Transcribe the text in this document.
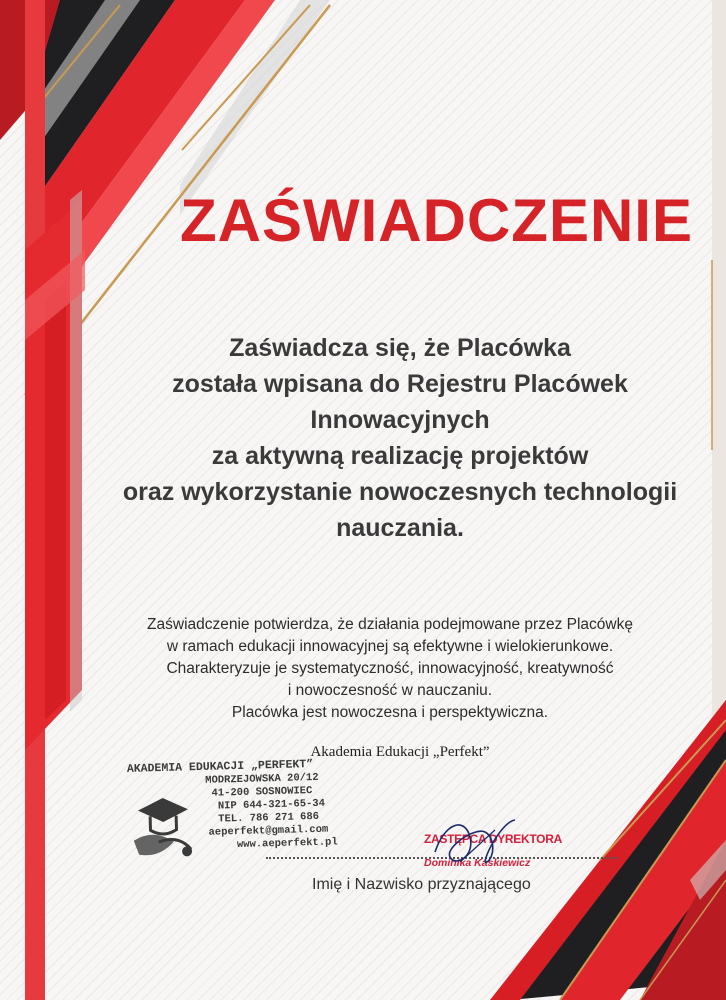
ZAŚWIADCZENIE
Zaświadcza się, że Placówka
została wpisana do Rejestru Placówek
Innowacyjnych
za aktywną realizację projektów
oraz wykorzystanie nowoczesnych technologii
nauczania.
Zaświadczenie potwierdza, że działania podejmowane przez Placówkę
w ramach edukacji innowacyjnej są efektywne i wielokierunkowe.
Charakteryzuje je systematyczność, innowacyjność, kreatywność
i nowoczesność w nauczaniu.
Placówka jest nowoczesna i perspektywiczna.
Akademia Edukacji „Perfekt”
AKADEMIA EDUKACJI „PERFEKT”
MODRZEJOWSKA 20/12
41-200 SOSNOWIEC
NIP 644-321-65-34
TEL. 786 271 686
aeperfekt@gmail.com
www.aeperfekt.pl	ZASTĘPCA DYREKTORA
Dominika Kaskiewicz
Imię i Nazwisko przyznającego
